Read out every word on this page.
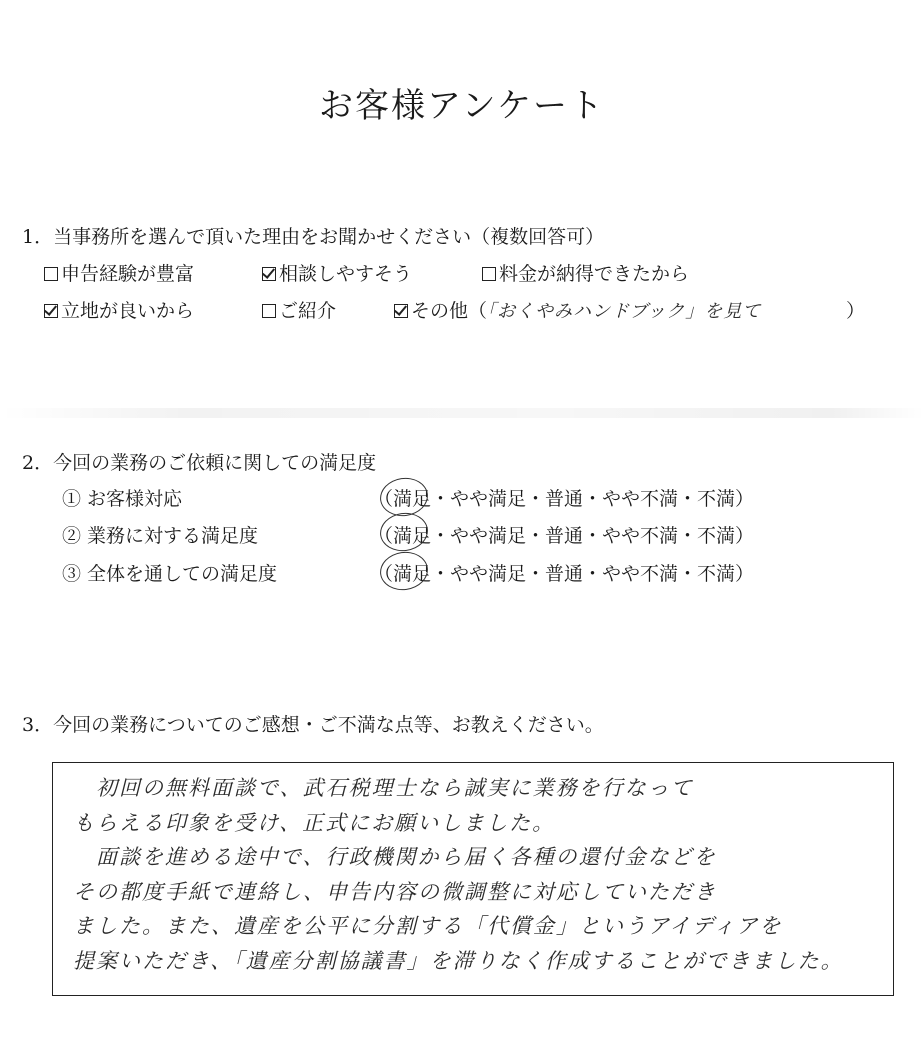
お客様アンケート
1．当事務所を選んで頂いた理由をお聞かせください（複数回答可）
申告経験が豊富	相談しやすそう	料金が納得できたから
立地が良いから	ご紹介	その他（「おくやみハンドブック」を見て	）
2．今回の業務のご依頼に関しての満足度
① お客様対応	（満足・やや満足・普通・やや不満・不満）
② 業務に対する満足度	（満足・やや満足・普通・やや不満・不満）
③ 全体を通しての満足度	（満足・やや満足・普通・やや不満・不満）
3．今回の業務についてのご感想・ご不満な点等、お教えください。
　初回の無料面談で、武石税理士なら誠実に業務を行なって
もらえる印象を受け、正式にお願いしました。
　面談を進める途中で、行政機関から届く各種の還付金などを
その都度手紙で連絡し、申告内容の微調整に対応していただき
ました。また、遺産を公平に分割する「代償金」というアイディアを
提案いただき、「遺産分割協議書」を滞りなく作成することができました。
